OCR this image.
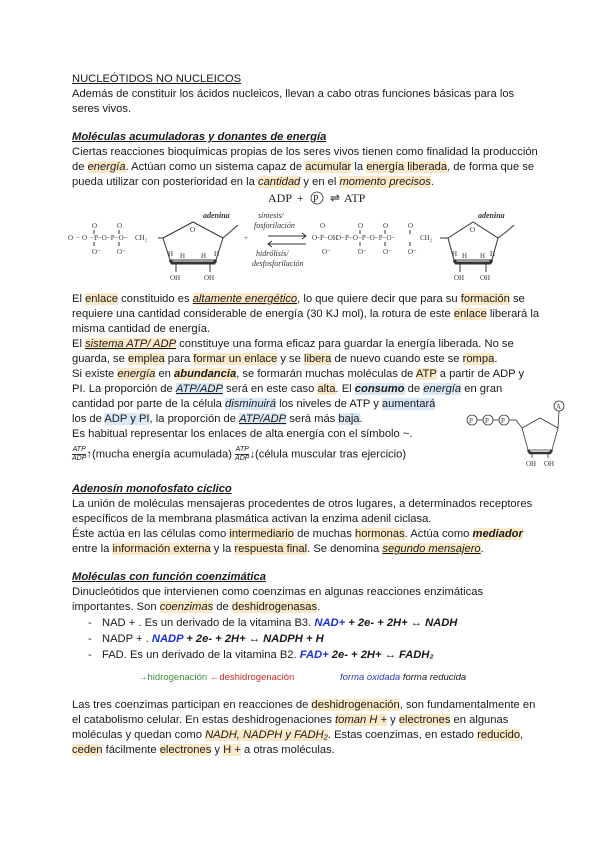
NUCLEÓTIDOS NO NUCLEICOS
Además de constituir los ácidos nucleicos, llevan a cabo otras funciones básicas para los
seres vivos.
Moléculas acumuladoras y donantes de energía
Ciertas reacciones bioquímicas propias de los seres vivos tienen como finalidad la producción
de energía. Actúan como un sistema capaz de acumular la energía liberada, de forma que se
pueda utilizar con posterioridad en la cantidad y en el momento precisos.
ADP + P ⇌ ATP
O	O
O − O −P−O−P−O− CH₂
O⁻ O⁻
adenina
O
H	H
H H
OH	OH
síntesis/
fosforilación
hidrólisis/
desfosforilación
+	O
O
−P−OH
O⁻
O	O	O
O−P−O−P−O−P−O−	CH₂
O⁻ O⁻ O⁻
adenina
O
H	H
H H
OH OH
El enlace constituido es altamente energético, lo que quiere decir que para su formación se
requiere una cantidad considerable de energía (30 KJ mol), la rotura de este enlace liberará la
misma cantidad de energía.
El sistema ATP/ ADP constituye una forma eficaz para guardar la energía liberada. No se
guarda, se emplea para formar un enlace y se libera de nuevo cuando este se rompa.
Si existe energía en abundancia, se formarán muchas moléculas de ATP a partir de ADP y
PI. La proporción de ATP/ADP será en este caso alta. El consumo de energía en gran
cantidad por parte de la célula disminuirá los niveles de ATP y aumentará
los de ADP y PI, la proporción de ATP/ADP será más baja.
Es habitual representar los enlaces de alta energía con el símbolo ~.
$\frac{\text{ATP}}{\text{ADP}}$ ↑(mucha energía acumulada) $\frac{\text{ATP}}{\text{ADP}}$ ↓(célula muscular tras ejercicio)
A
P P P
OH OH
Adenosín monofosfato cíclico
La unión de moléculas mensajeras procedentes de otros lugares, a determinados receptores
específicos de la membrana plasmática activan la enzima adenil ciclasa.
Éste actúa en las células como intermediario de muchas hormonas. Actúa como mediador
entre la información externa y la respuesta final. Se denomina segundo mensajero.
Moléculas con función coenzimática
Dinucleótidos que intervienen como coenzimas en algunas reacciones enzimáticas
importantes. Son coenzimas de deshidrogenasas.
- NAD + . Es un derivado de la vitamina B3. NAD+ + 2e- + 2H+ ↔ NADH
- NADP + . NADP + 2e- + 2H+ ↔ NADPH + H
- FAD. Es un derivado de la vitamina B2. FAD+ 2e- + 2H+ ↔ FADH₂
→hidrogenación ←deshidrogenación	forma oxidada forma reducida
Las tres coenzimas participan en reacciones de deshidrogenación, son fundamentalmente en
el catabolismo celular. En estas deshidrogenaciones toman H + y electrones en algunas
moléculas y quedan como NADH, NADPH y FADH₂. Estas coenzimas, en estado reducido,
ceden fácilmente electrones y H + a otras moléculas.
